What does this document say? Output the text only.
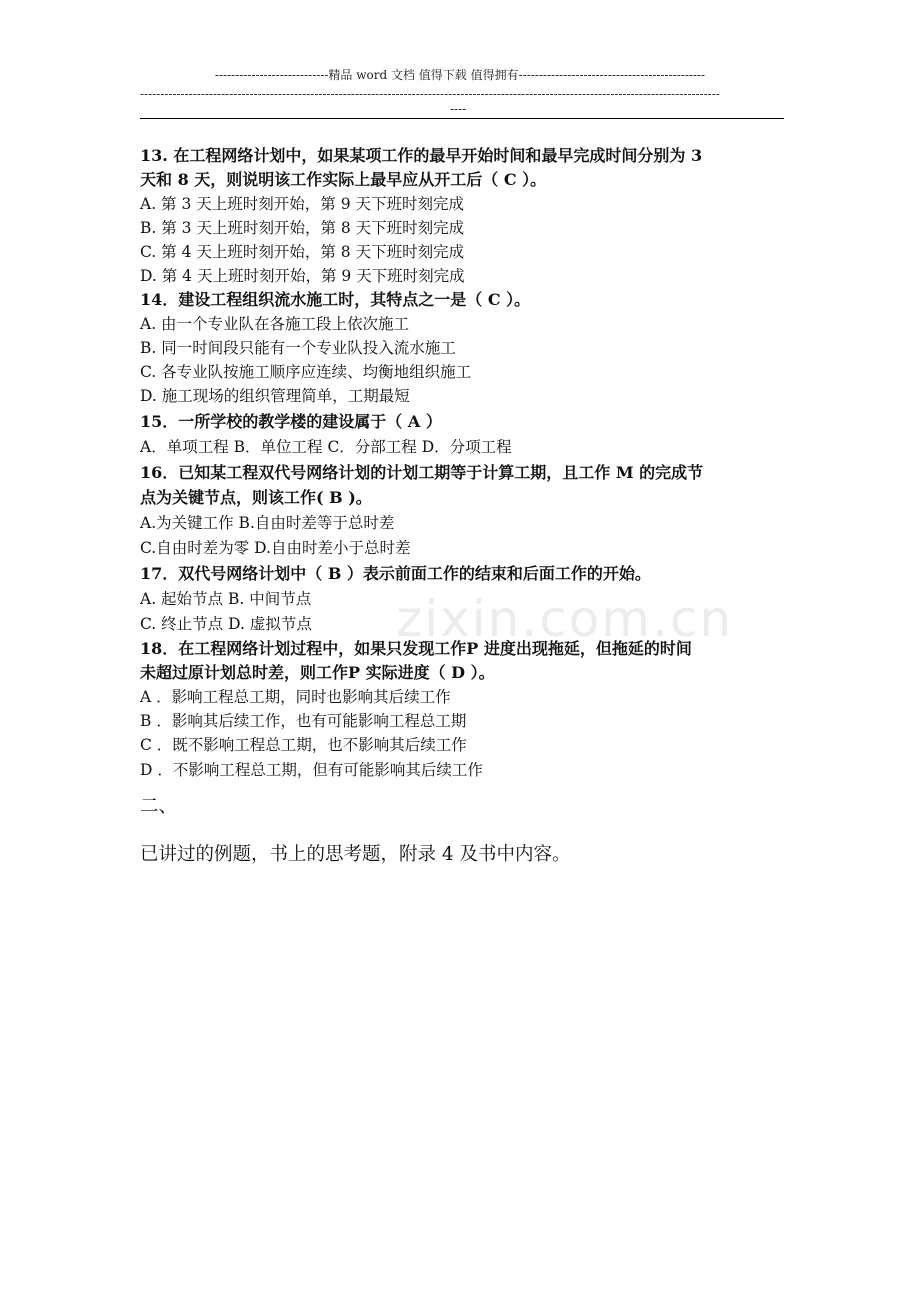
----------------------------精品 word 文档 值得下载 值得拥有----------------------------------------------
-----------------------------------------------------------------------------------------------------------------------------------------------
----
zixin.com.cn
13. 在工程网络计划中，如果某项工作的最早开始时间和最早完成时间分别为 3
天和 8 天，则说明该工作实际上最早应从开工后（ C ）。
A. 第 3 天上班时刻开始，第 9 天下班时刻完成
B. 第 3 天上班时刻开始，第 8 天下班时刻完成
C. 第 4 天上班时刻开始，第 8 天下班时刻完成
D. 第 4 天上班时刻开始，第 9 天下班时刻完成
14．建设工程组织流水施工时，其特点之一是（ C ）。
A. 由一个专业队在各施工段上依次施工
B. 同一时间段只能有一个专业队投入流水施工
C. 各专业队按施工顺序应连续、均衡地组织施工
D. 施工现场的组织管理简单，工期最短
15．一所学校的教学楼的建设属于（ A ）
A．单项工程 B．单位工程 C．分部工程 D．分项工程
16．已知某工程双代号网络计划的计划工期等于计算工期，且工作 M 的完成节
点为关键节点，则该工作( B )。
A.为关键工作 B.自由时差等于总时差
C.自由时差为零 D.自由时差小于总时差
17．双代号网络计划中（ B ）表示前面工作的结束和后面工作的开始。
A. 起始节点 B. 中间节点
C. 终止节点 D. 虚拟节点
18．在工程网络计划过程中，如果只发现工作P 进度出现拖延，但拖延的时间
未超过原计划总时差，则工作P 实际进度（ D ）。
A ．影响工程总工期，同时也影响其后续工作
B ．影响其后续工作，也有可能影响工程总工期
C ．既不影响工程总工期，也不影响其后续工作
D ．不影响工程总工期，但有可能影响其后续工作
二、
已讲过的例题，书上的思考题，附录 4 及书中内容。
